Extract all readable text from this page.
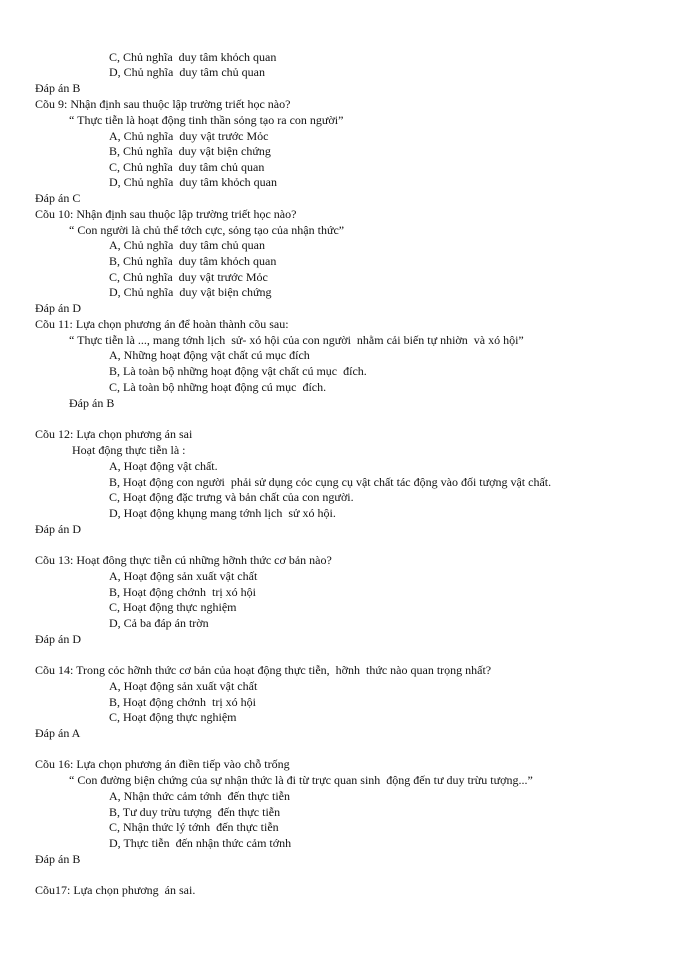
C, Chủ nghĩa  duy tâm khỏch quan
D, Chủ nghĩa  duy tâm chủ quan
Đáp án B
Cõu 9: Nhận định sau thuộc lập trường triết học nào?
“ Thực tiễn là hoạt động tinh thần sỏng tạo ra con người”
A, Chủ nghĩa  duy vật trước Mỏc
B, Chủ nghĩa  duy vật biện chứng
C, Chủ nghĩa  duy tâm chủ quan
D, Chủ nghĩa  duy tâm khỏch quan
Đáp án C
Cõu 10: Nhận định sau thuộc lập trường triết học nào?
“ Con người là chủ thể tớch cực, sỏng tạo của nhận thức”
A, Chủ nghĩa  duy tâm chủ quan
B, Chủ nghĩa  duy tâm khỏch quan
C, Chủ nghĩa  duy vật trước Mỏc
D, Chủ nghĩa  duy vật biện chứng
Đáp án D
Cõu 11: Lựa chọn phương án để hoàn thành cõu sau:
“ Thực tiễn là ..., mang tớnh lịch  sử- xó hội của con người  nhằm cải biến tự nhiờn  và xó hội”
A, Những hoạt động vật chất cú mục đích
B, Là toàn bộ những hoạt động vật chất cú mục  đích.
C, Là toàn bộ những hoạt động cú mục  đích.
Đáp án B
Cõu 12: Lựa chọn phương án sai
Hoạt động thực tiễn là :
A, Hoạt động vật chất.
B, Hoạt động con người  phải sử dụng cỏc cụng cụ vật chất tác động vào đối tượng vật chất.
C, Hoạt động đặc trưng và bản chất của con người.
D, Hoạt động khụng mang tớnh lịch  sử xó hội.
Đáp án D
Cõu 13: Hoạt đông thực tiễn cú những hỡnh thức cơ bản nào?
A, Hoạt động sản xuất vật chất
B, Hoạt động chớnh  trị xó hội
C, Hoạt động thực nghiệm
D, Cả ba đáp án trờn
Đáp án D
Cõu 14: Trong cỏc hỡnh thức cơ bản của hoạt động thực tiễn,  hỡnh  thức nào quan trọng nhất?
A, Hoạt động sản xuất vật chất
B, Hoạt động chớnh  trị xó hội
C, Hoạt động thực nghiệm
Đáp án A
Cõu 16: Lựa chọn phương án điền tiếp vào chỗ trống
“ Con đường biện chứng của sự nhận thức là đi từ trực quan sinh  động đến tư duy trừu tượng...”
A, Nhận thức cảm tớnh  đến thực tiễn
B, Tư duy trừu tượng  đến thực tiễn
C, Nhận thức lý tớnh  đến thực tiễn
D, Thực tiễn  đến nhận thức cảm tớnh
Đáp án B
Cõu17: Lựa chọn phương  án sai.
